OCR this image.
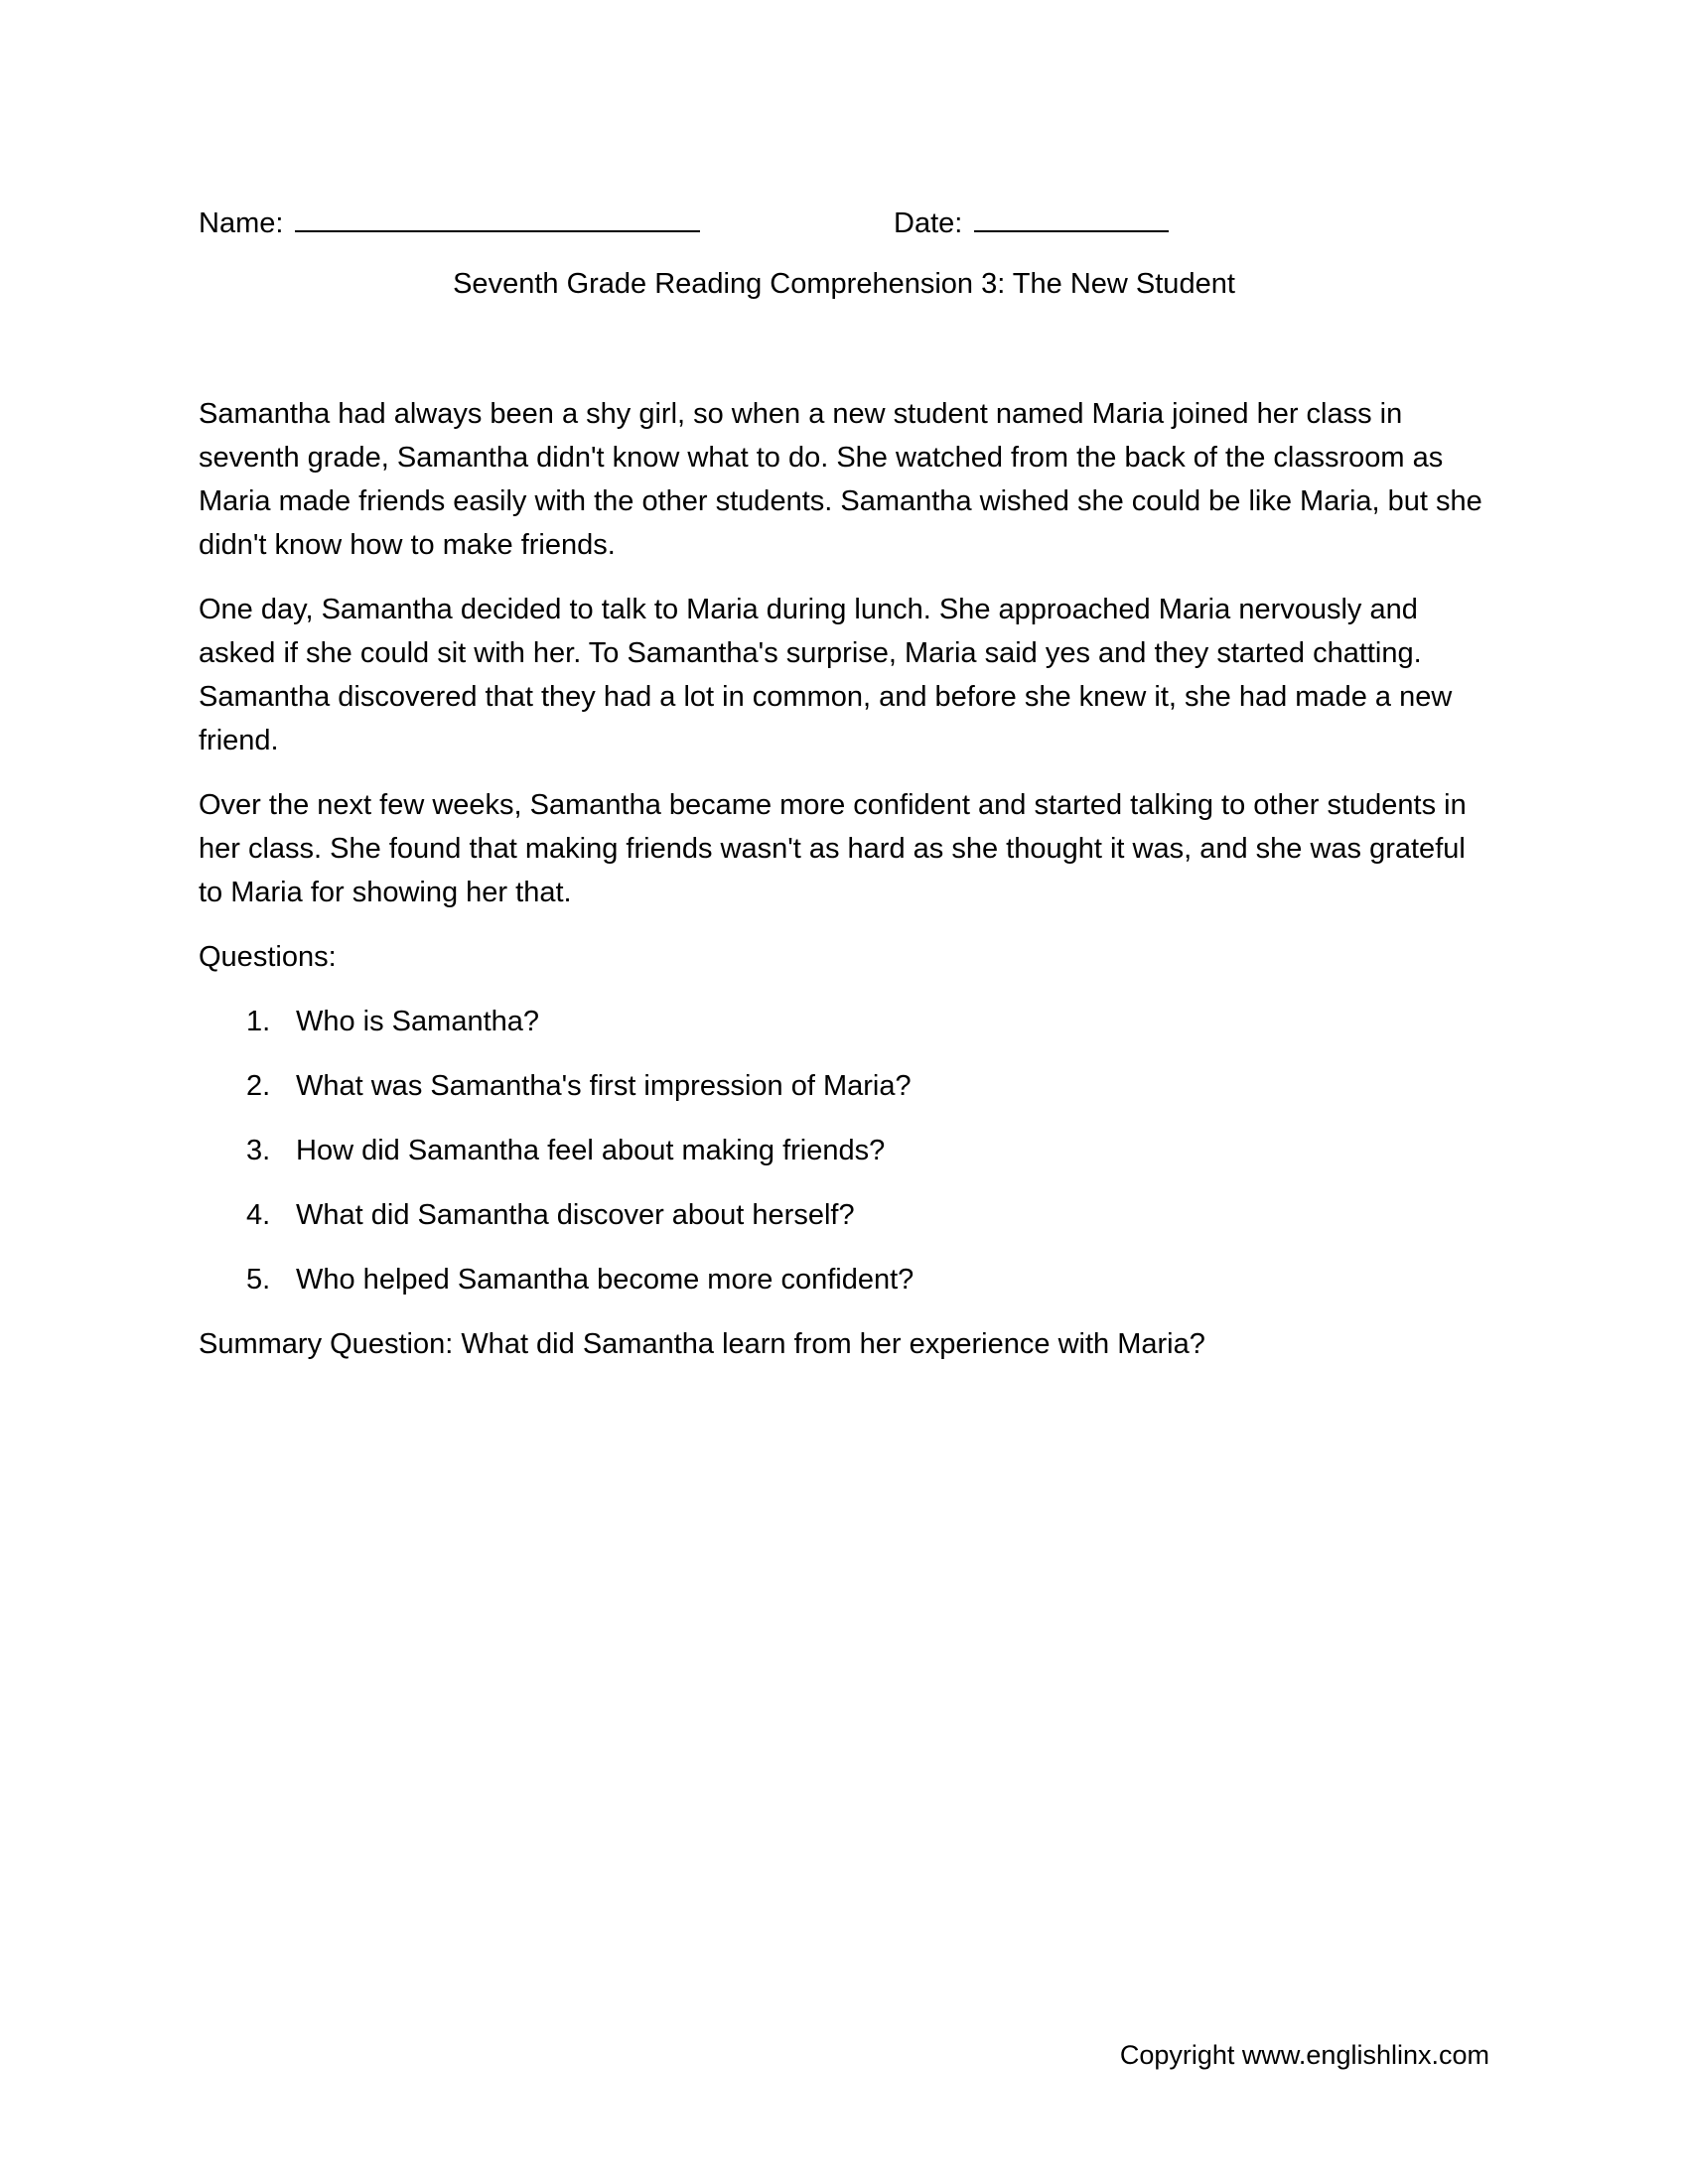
Name:	Date:
Seventh Grade Reading Comprehension 3: The New Student

Samantha had always been a shy girl, so when a new student named Maria joined her class in seventh grade, Samantha didn't know what to do. She watched from the back of the classroom as Maria made friends easily with the other students. Samantha wished she could be like Maria, but she didn't know how to make friends.

One day, Samantha decided to talk to Maria during lunch. She approached Maria nervously and asked if she could sit with her. To Samantha's surprise, Maria said yes and they started chatting. Samantha discovered that they had a lot in common, and before she knew it, she had made a new friend.

Over the next few weeks, Samantha became more confident and started talking to other students in her class. She found that making friends wasn't as hard as she thought it was, and she was grateful to Maria for showing her that.

Questions:

1. Who is Samantha?
2. What was Samantha's first impression of Maria?
3. How did Samantha feel about making friends?
4. What did Samantha discover about herself?
5. Who helped Samantha become more confident?

Summary Question: What did Samantha learn from her experience with Maria?

Copyright www.englishlinx.com
